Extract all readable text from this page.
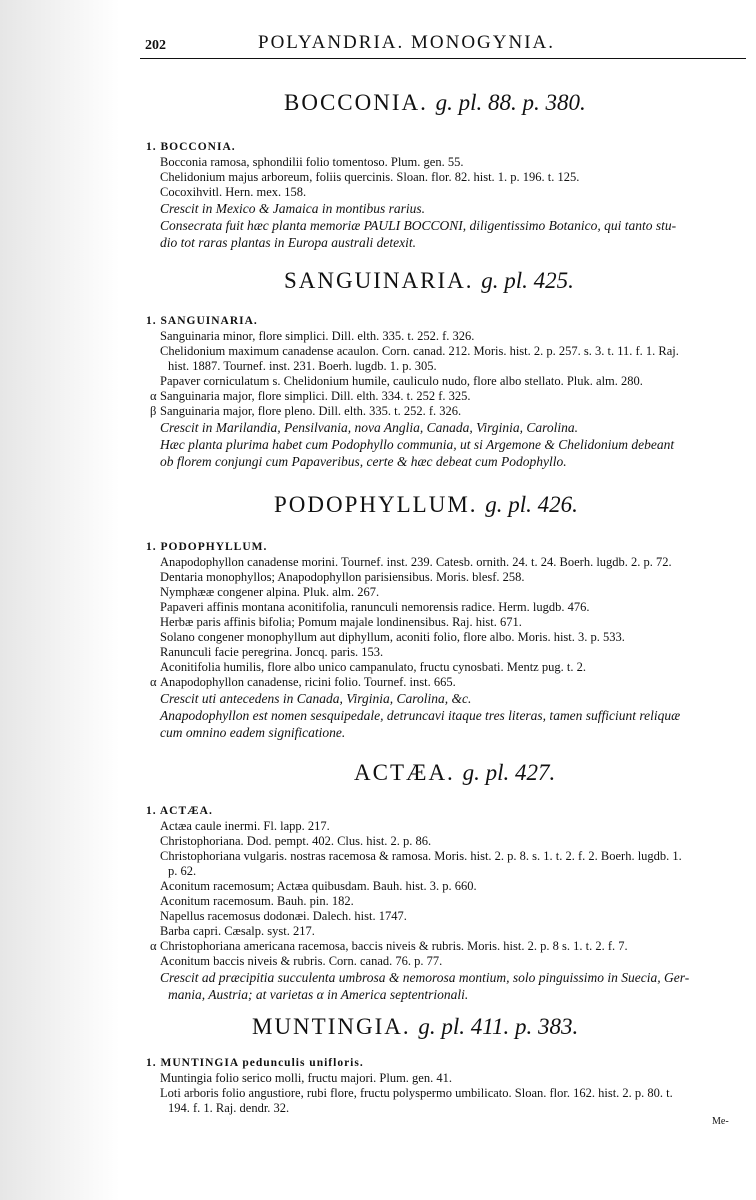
202	POLYANDRIA. MONOGYNIA.
BOCCONIA. g. pl. 88. p. 380.
1. BOCCONIA.
Bocconia ramosa, sphondilii folio tomentoso. Plum. gen. 55.
Chelidonium majus arboreum, foliis quercinis. Sloan. flor. 82. hist. 1. p. 196. t. 125.
Cocoxihvitl. Hern. mex. 158.
Crescit in Mexico & Jamaica in montibus rarius.
Consecrata fuit hæc planta memoriæ PAULI BOCCONI, diligentissimo Botanico, qui tanto stu-
dio tot raras plantas in Europa australi detexit.
SANGUINARIA. g. pl. 425.
1. SANGUINARIA.
Sanguinaria minor, flore simplici. Dill. elth. 335. t. 252. f. 326.
Chelidonium maximum canadense acaulon. Corn. canad. 212. Moris. hist. 2. p. 257. s. 3. t. 11. f. 1. Raj.
hist. 1887. Tournef. inst. 231. Boerh. lugdb. 1. p. 305.
Papaver corniculatum s. Chelidonium humile, cauliculo nudo, flore albo stellato. Pluk. alm. 280.
α Sanguinaria major, flore simplici. Dill. elth. 334. t. 252 f. 325.
β Sanguinaria major, flore pleno. Dill. elth. 335. t. 252. f. 326.
Crescit in Marilandia, Pensilvania, nova Anglia, Canada, Virginia, Carolina.
Hæc planta plurima habet cum Podophyllo communia, ut si Argemone & Chelidonium debeant
ob florem conjungi cum Papaveribus, certe & hæc debeat cum Podophyllo.
PODOPHYLLUM. g. pl. 426.
1. PODOPHYLLUM.
Anapodophyllon canadense morini. Tournef. inst. 239. Catesb. ornith. 24. t. 24. Boerh. lugdb. 2. p. 72.
Dentaria monophyllos; Anapodophyllon parisiensibus. Moris. blesf. 258.
Nymphææ congener alpina. Pluk. alm. 267.
Papaveri affinis montana aconitifolia, ranunculi nemorensis radice. Herm. lugdb. 476.
Herbæ paris affinis bifolia; Pomum majale londinensibus. Raj. hist. 671.
Solano congener monophyllum aut diphyllum, aconiti folio, flore albo. Moris. hist. 3. p. 533.
Ranunculi facie peregrina. Joncq. paris. 153.
Aconitifolia humilis, flore albo unico campanulato, fructu cynosbati. Mentz pug. t. 2.
α Anapodophyllon canadense, ricini folio. Tournef. inst. 665.
Crescit uti antecedens in Canada, Virginia, Carolina, &c.
Anapodophyllon est nomen sesquipedale, detruncavi itaque tres literas, tamen sufficiunt reliquæ
cum omnino eadem significatione.
ACTÆA. g. pl. 427.
1. ACTÆA.
Actæa caule inermi. Fl. lapp. 217.
Christophoriana. Dod. pempt. 402. Clus. hist. 2. p. 86.
Christophoriana vulgaris. nostras racemosa & ramosa. Moris. hist. 2. p. 8. s. 1. t. 2. f. 2. Boerh. lugdb. 1.
p. 62.
Aconitum racemosum; Actæa quibusdam. Bauh. hist. 3. p. 660.
Aconitum racemosum. Bauh. pin. 182.
Napellus racemosus dodonæi. Dalech. hist. 1747.
Barba capri. Cæsalp. syst. 217.
α Christophoriana americana racemosa, baccis niveis & rubris. Moris. hist. 2. p. 8 s. 1. t. 2. f. 7.
Aconitum baccis niveis & rubris. Corn. canad. 76. p. 77.
Crescit ad præcipitia succulenta umbrosa & nemorosa montium, solo pinguissimo in Suecia, Ger-
mania, Austria; at varietas α in America septentrionali.
MUNTINGIA. g. pl. 411. p. 383.
1. MUNTINGIA pedunculis unifloris.
Muntingia folio serico molli, fructu majori. Plum. gen. 41.
Loti arboris folio angustiore, rubi flore, fructu polyspermo umbilicato. Sloan. flor. 162. hist. 2. p. 80. t.
194. f. 1. Raj. dendr. 32.
Me-
